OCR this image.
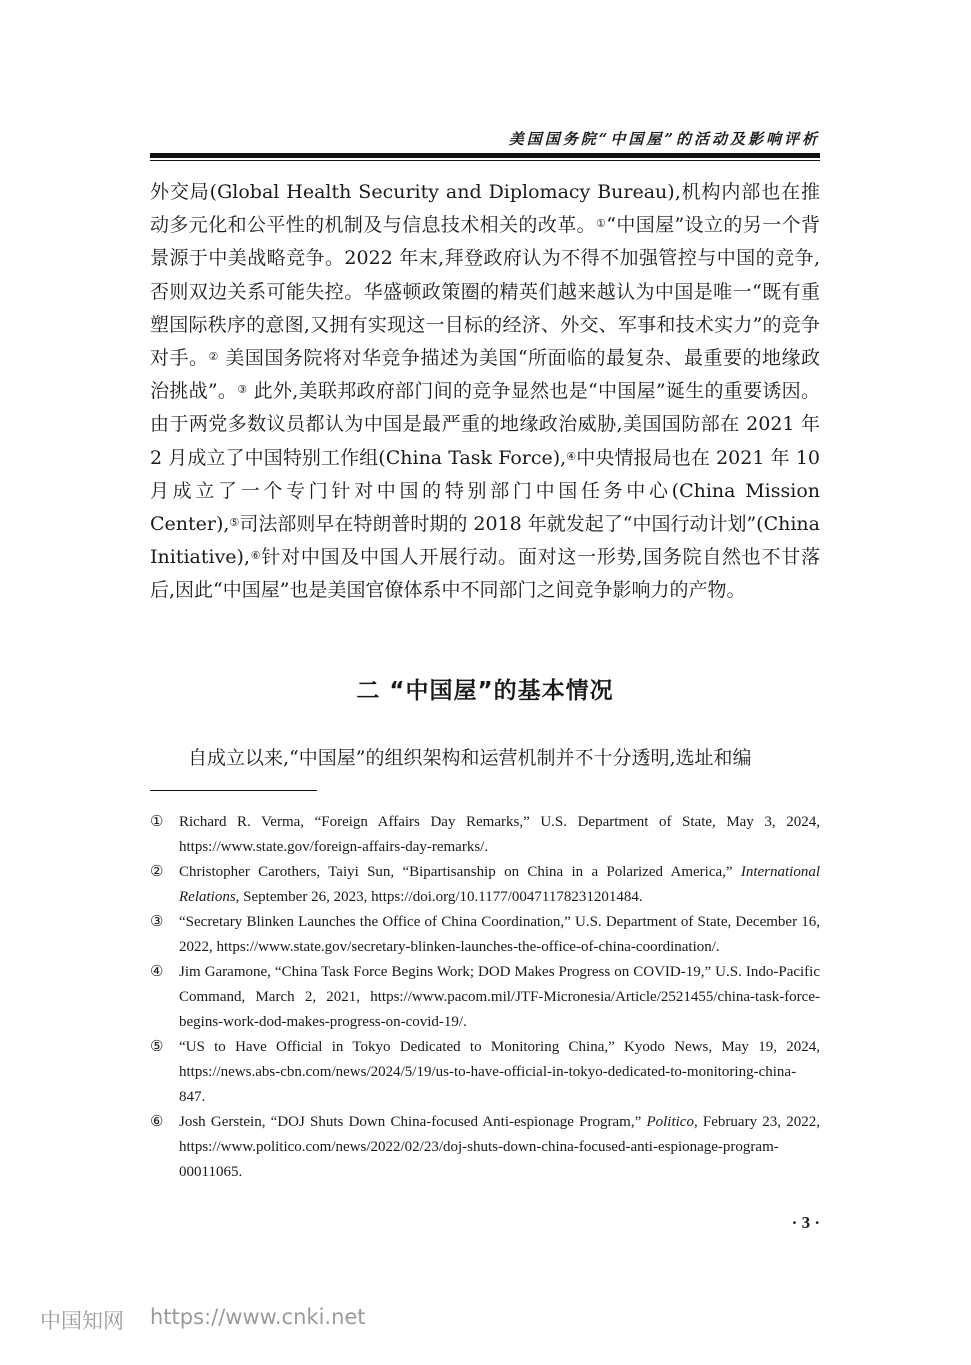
美国国务院“中国屋”的活动及影响评析
外交局(Global Health Security and Diplomacy Bureau),机构内部也在推动多元化和公平性的机制及与信息技术相关的改革。①“中国屋”设立的另一个背景源于中美战略竞争。2022 年末,拜登政府认为不得不加强管控与中国的竞争,否则双边关系可能失控。华盛顿政策圈的精英们越来越认为中国是唯一“既有重塑国际秩序的意图,又拥有实现这一目标的经济、外交、军事和技术实力”的竞争对手。② 美国国务院将对华竞争描述为美国“所面临的最复杂、最重要的地缘政治挑战”。③ 此外,美联邦政府部门间的竞争显然也是“中国屋”诞生的重要诱因。由于两党多数议员都认为中国是最严重的地缘政治威胁,美国国防部在 2021 年 2 月成立了中国特别工作组(China Task Force),④中央情报局也在 2021 年 10 月成立了一个专门针对中国的特别部门中国任务中心(China Mission Center),⑤司法部则早在特朗普时期的 2018 年就发起了“中国行动计划”(China Initiative),⑥针对中国及中国人开展行动。面对这一形势,国务院自然也不甘落后,因此“中国屋”也是美国官僚体系中不同部门之间竞争影响力的产物。
二 “中国屋”的基本情况
自成立以来,“中国屋”的组织架构和运营机制并不十分透明,选址和编
①	Richard R. Verma, “Foreign Affairs Day Remarks,” U.S. Department of State, May 3, 2024, https://www.state.gov/foreign-affairs-day-remarks/.
②	Christopher Carothers, Taiyi Sun, “Bipartisanship on China in a Polarized America,” International Relations, September 26, 2023, https://doi.org/10.1177/00471178231201484.
③	“Secretary Blinken Launches the Office of China Coordination,” U.S. Department of State, December 16, 2022, https://www.state.gov/secretary-blinken-launches-the-office-of-china-coordination/.
④	Jim Garamone, “China Task Force Begins Work; DOD Makes Progress on COVID-19,” U.S. Indo-Pacific Command, March 2, 2021, https://www.pacom.mil/JTF-Micronesia/Article/2521455/china-task-force-begins-work-dod-makes-progress-on-covid-19/.
⑤	“US to Have Official in Tokyo Dedicated to Monitoring China,” Kyodo News, May 19, 2024, https://news.abs-cbn.com/news/2024/5/19/us-to-have-official-in-tokyo-dedicated-to-monitoring-china-847.
⑥	Josh Gerstein, “DOJ Shuts Down China-focused Anti-espionage Program,” Politico, February 23, 2022, https://www.politico.com/news/2022/02/23/doj-shuts-down-china-focused-anti-espionage-program-00011065.
· 3 ·
中国知网 https://www.cnki.net
